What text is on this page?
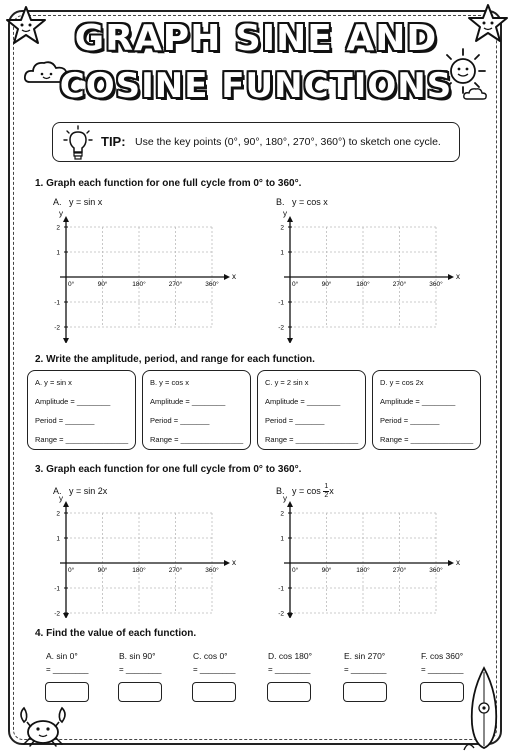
GRAPH SINE AND
COSINE FUNCTIONS
TIP: Use the key points (0°, 90°, 180°, 270°, 360°) to sketch one cycle.
1. Graph each function for one full cycle from 0° to 360°.
A. y = sin x	B. y = cos x
y
x
0°	90°	180°	270°	360°
2
1
-1
-2
y
x
0°	90°	180°	270°	360°
2
1
-1
-2
2. Write the amplitude, period, and range for each function.
A. y = sin x
Amplitude = ________
Period = _______
Range = _______________
B. y = cos x
Amplitude = ________
Period = _______
Range = _______________
C. y = 2 sin x
Amplitude = ________
Period = _______
Range = _______________
D. y = cos 2x
Amplitude = ________
Period = _______
Range = _______________
3. Graph each function for one full cycle from 0° to 360°.
A. y = sin 2x	B. $y = \cos \frac{1}{2}$ x
y
x
0°	90°	180°	270°	360°
2
1
-1
-2
y
x
0°	90°	180°	270°	360°
2
1
-1
-2
4. Find the value of each function.
A. sin 0°	B. sin 90°	C. cos 0°	D. cos 180°	E. sin 270°	F. cos 360°
= ________	= ________	= ________	= ________	= ________	= ________
